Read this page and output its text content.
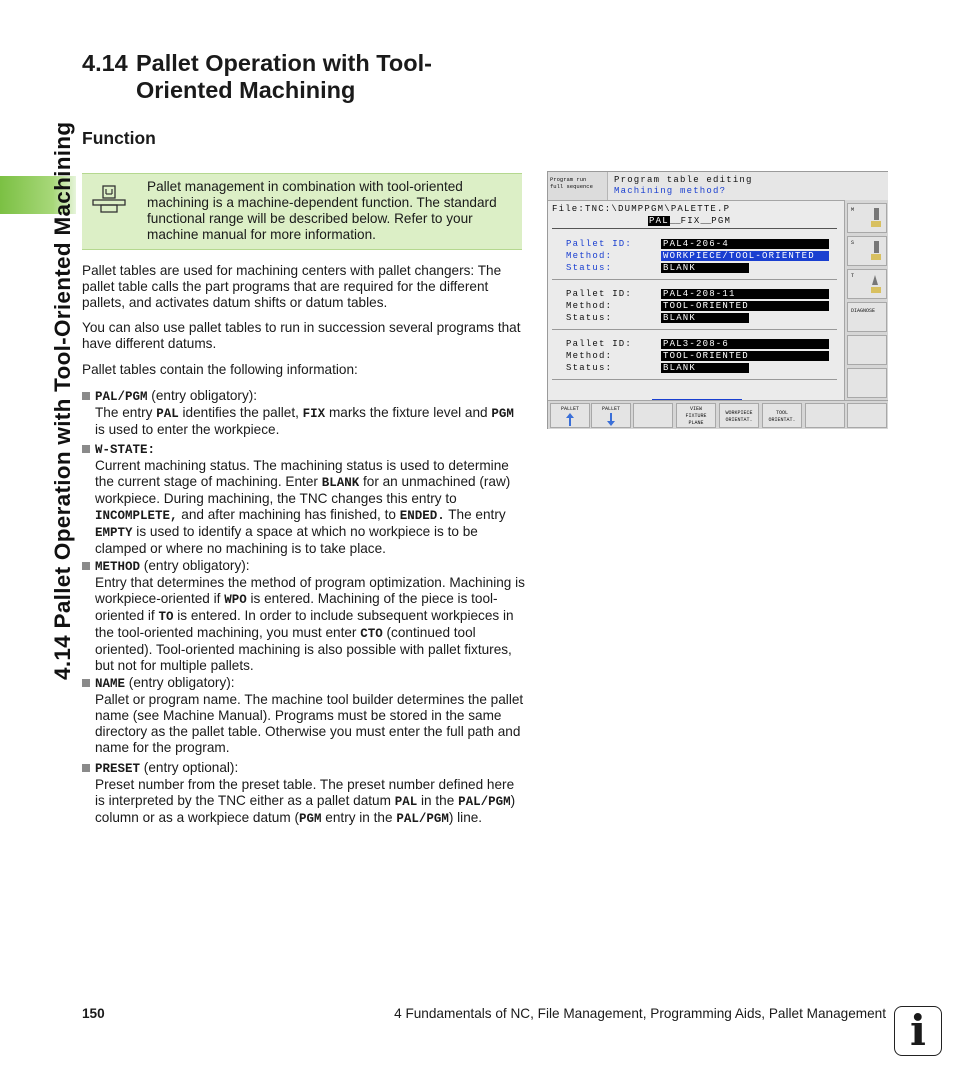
4.14 Pallet Operation with Tool-Oriented Machining
4.14 Pallet Operation with Tool-
Oriented Machining
Function
Pallet management in combination with tool-oriented machining is a machine-dependent function. The standard functional range will be described below. Refer to your machine manual for more information.
Pallet tables are used for machining centers with pallet changers: The pallet table calls the part programs that are required for the different pallets, and activates datum shifts or datum tables.
You can also use pallet tables to run in succession several programs that have different datums.
Pallet tables contain the following information:
PAL/PGM (entry obligatory):
The entry PAL identifies the pallet, FIX marks the fixture level and PGM is used to enter the workpiece.
W-STATE:
Current machining status. The machining status is used to determine the current stage of machining. Enter BLANK for an unmachined (raw) workpiece. During machining, the TNC changes this entry to INCOMPLETE, and after machining has finished, to ENDED. The entry EMPTY is used to identify a space at which no workpiece is to be clamped or where no machining is to take place.
METHOD (entry obligatory):
Entry that determines the method of program optimization. Machining is workpiece-oriented if WPO is entered. Machining of the piece is tool-oriented if TO is entered. In order to include subsequent workpieces in the tool-oriented machining, you must enter CTO (continued tool oriented). Tool-oriented machining is also possible with pallet fixtures, but not for multiple pallets.
NAME (entry obligatory):
Pallet or program name. The machine tool builder determines the pallet name (see Machine Manual). Programs must be stored in the same directory as the pallet table. Otherwise you must enter the full path and name for the program.
PRESET (entry optional):
Preset number from the preset table. The preset number defined here is interpreted by the TNC either as a pallet datum PAL in the PAL/PGM) column or as a workpiece datum (PGM entry in the PAL/PGM) line.
Program run
full sequence
Program table editing
Machining method?
File:TNC:\DUMPPGM\PALETTE.P
PAL__FIX__PGM
Pallet ID:	PAL4-206-4
Method:	WORKPIECE/TOOL-ORIENTED
Status:	BLANK
Pallet ID:	PAL4-208-11
Method:	TOOL-ORIENTED
Status:	BLANK
Pallet ID:	PAL3-208-6
Method:	TOOL-ORIENTED
Status:	BLANK
M
S
T
DIAGNOSE
PALLET	PALLET	VIEW
FIXTURE
PLANE
WORKPIECE
ORIENTAT.
TOOL
ORIENTAT.
150	4 Fundamentals of NC, File Management, Programming Aids, Pallet Management i
